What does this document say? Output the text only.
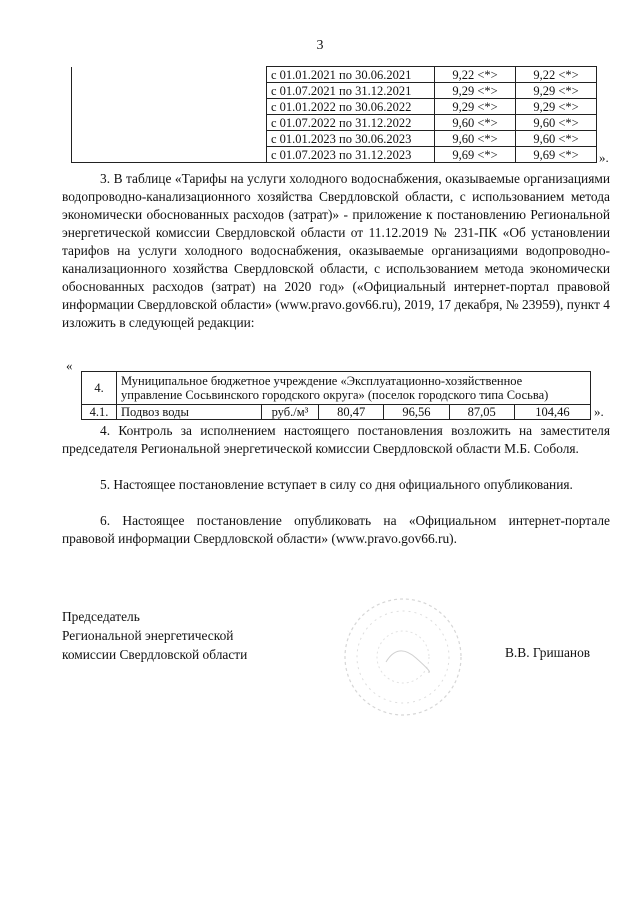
3
	с 01.01.2021 по 30.06.2021	9,22 <*>	9,22 <*>
	с 01.07.2021 по 31.12.2021	9,29 <*>	9,29 <*>
	с 01.01.2022 по 30.06.2022	9,29 <*>	9,29 <*>
	с 01.07.2022 по 31.12.2022	9,60 <*>	9,60 <*>
	с 01.01.2023 по 30.06.2023	9,60 <*>	9,60 <*>
	с 01.07.2023 по 31.12.2023	9,69 <*>	9,69 <*> ».
3. В таблице «Тарифы на услуги холодного водоснабжения, оказываемые организациями водопроводно-канализационного хозяйства Свердловской области, с использованием метода экономически обоснованных расходов (затрат)» - приложение к постановлению Региональной энергетической комиссии Свердловской области от 11.12.2019 № 231-ПК «Об установлении тарифов на услуги холодного водоснабжения, оказываемые организациями водопроводно-канализационного хозяйства Свердловской области, с использованием метода экономически обоснованных расходов (затрат) на 2020 год» («Официальный интернет-портал правовой информации Свердловской области» (www.pravo.gov66.ru), 2019, 17 декабря, № 23959), пункт 4 изложить в следующей редакции:
«
4.	Муниципальное бюджетное учреждение «Эксплуатационно-хозяйственное управление Сосьвинского городского округа» (поселок городского типа Сосьва)					
4.1.	Подвоз воды	руб./м³	80,47	96,56	87,05	104,46 ».
4. Контроль за исполнением настоящего постановления возложить на заместителя председателя Региональной энергетической комиссии Свердловской области М.Б. Соболя.
5. Настоящее постановление вступает в силу со дня официального опубликования.
6. Настоящее постановление опубликовать на «Официальном интернет-портале правовой информации Свердловской области» (www.pravo.gov66.ru).
Председатель
Региональной энергетической
комиссии Свердловской области	В.В. Гришанов
